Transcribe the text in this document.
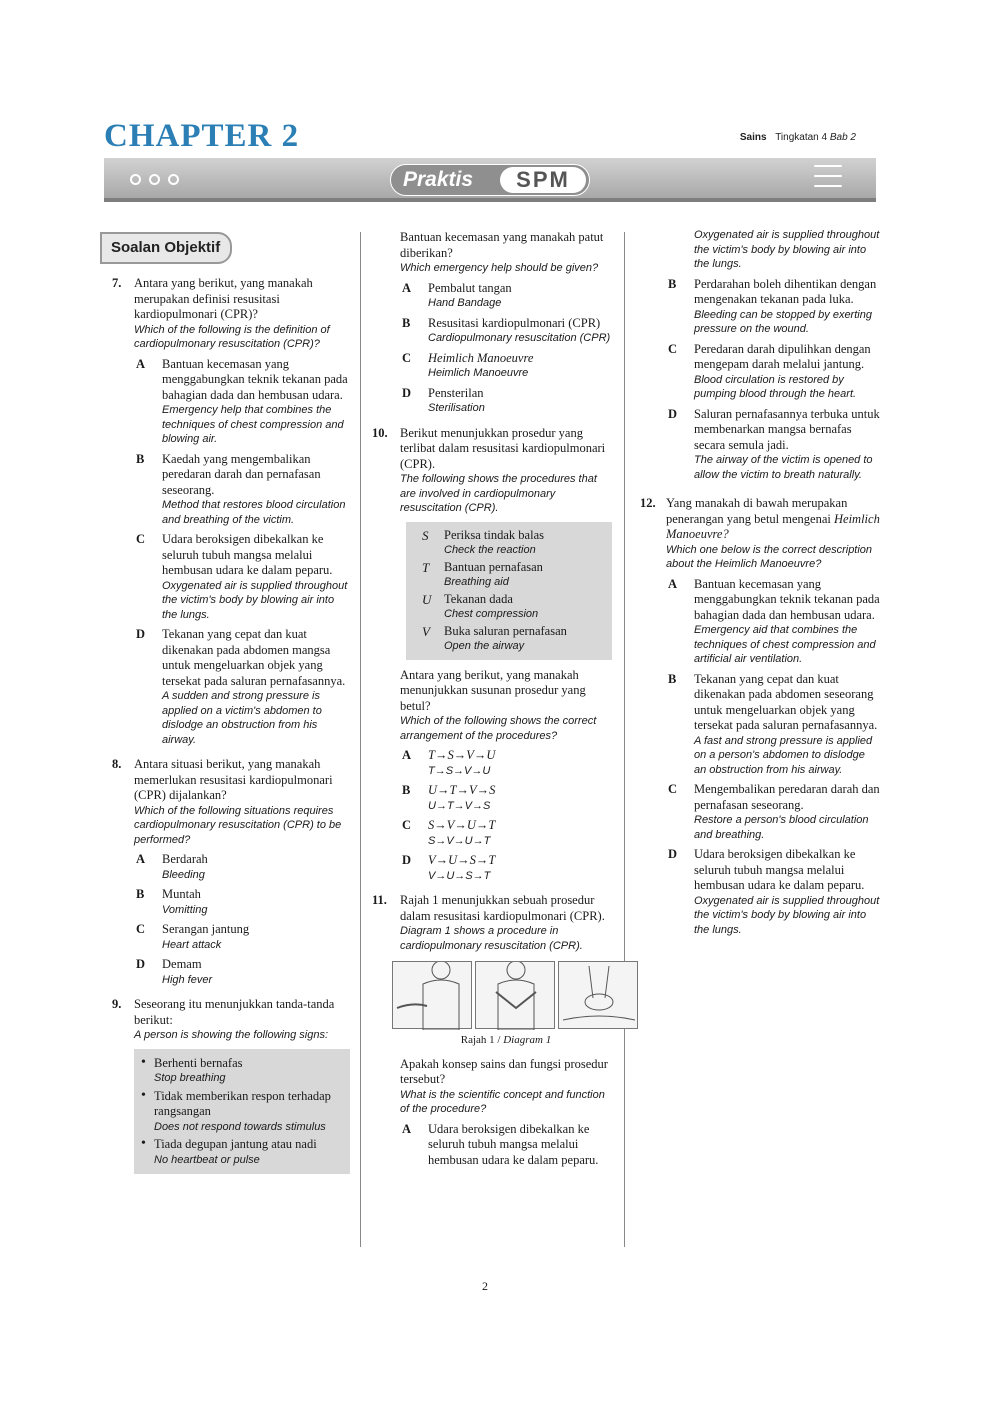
CHAPTER 2	Sains Tingkatan 4 Bab 2
Praktis	SPM
Soalan Objektif
7. Antara yang berikut, yang manakah merupakan definisi resusitasi kardiopulmonari (CPR)?
Which of the following is the definition of cardiopulmonary resuscitation (CPR)?
A Bantuan kecemasan yang menggabungkan teknik tekanan pada bahagian dada dan hembusan udara.
Emergency help that combines the techniques of chest compression and blowing air.
B Kaedah yang mengembalikan peredaran darah dan pernafasan seseorang.
Method that restores blood circulation and breathing of the victim.
C Udara beroksigen dibekalkan ke seluruh tubuh mangsa melalui hembusan udara ke dalam peparu.
Oxygenated air is supplied throughout the victim's body by blowing air into the lungs.
D Tekanan yang cepat dan kuat dikenakan pada abdomen mangsa untuk mengeluarkan objek yang tersekat pada saluran pernafasannya.
A sudden and strong pressure is applied on a victim's abdomen to dislodge an obstruction from his airway.
8. Antara situasi berikut, yang manakah memerlukan resusitasi kardiopulmonari (CPR) dijalankan?
Which of the following situations requires cardiopulmonary resuscitation (CPR) to be performed?
A Berdarah
Bleeding
B Muntah
Vomitting
C Serangan jantung
Heart attack
D Demam
High fever
9. Seseorang itu menunjukkan tanda-tanda berikut:
A person is showing the following signs:
• Berhenti bernafas
Stop breathing
• Tidak memberikan respon terhadap rangsangan
Does not respond towards stimulus
• Tiada degupan jantung atau nadi
No heartbeat or pulse
Bantuan kecemasan yang manakah patut diberikan?
Which emergency help should be given?
A Pembalut tangan
Hand Bandage
B Resusitasi kardiopulmonari (CPR)
Cardiopulmonary resuscitation (CPR)
C Heimlich Manoeuvre
Heimlich Manoeuvre
D Pensterilan
Sterilisation
10. Berikut menunjukkan prosedur yang terlibat dalam resusitasi kardiopulmonari (CPR).
The following shows the procedures that are involved in cardiopulmonary resuscitation (CPR).
S Periksa tindak balas
Check the reaction
T Bantuan pernafasan
Breathing aid
U Tekanan dada
Chest compression
V Buka saluran pernafasan
Open the airway
Antara yang berikut, yang manakah menunjukkan susunan prosedur yang betul?
Which of the following shows the correct arrangement of the procedures?
A T→S→V→U
T→S→V→U
B U→T→V→S
U→T→V→S
C S→V→U→T
S→V→U→T
D V→U→S→T
V→U→S→T
11. Rajah 1 menunjukkan sebuah prosedur dalam resusitasi kardiopulmonari (CPR).
Diagram 1 shows a procedure in cardiopulmonary resuscitation (CPR).
Rajah 1 / Diagram 1
Apakah konsep sains dan fungsi prosedur tersebut?
What is the scientific concept and function of the procedure?
A Udara beroksigen dibekalkan ke seluruh tubuh mangsa melalui hembusan udara ke dalam peparu.
Oxygenated air is supplied throughout the victim's body by blowing air into the lungs.
B Perdarahan boleh dihentikan dengan mengenakan tekanan pada luka.
Bleeding can be stopped by exerting pressure on the wound.
C Peredaran darah dipulihkan dengan mengepam darah melalui jantung.
Blood circulation is restored by pumping blood through the heart.
D Saluran pernafasannya terbuka untuk membenarkan mangsa bernafas secara semula jadi.
The airway of the victim is opened to allow the victim to breath naturally.
12. Yang manakah di bawah merupakan penerangan yang betul mengenai Heimlich Manoeuvre?
Which one below is the correct description about the Heimlich Manoeuvre?
A Bantuan kecemasan yang menggabungkan teknik tekanan pada bahagian dada dan hembusan udara.
Emergency aid that combines the techniques of chest compression and artificial air ventilation.
B Tekanan yang cepat dan kuat dikenakan pada abdomen seseorang untuk mengeluarkan objek yang tersekat pada saluran pernafasannya.
A fast and strong pressure is applied on a person's abdomen to dislodge an obstruction from his airway.
C Mengembalikan peredaran darah dan pernafasan seseorang.
Restore a person's blood circulation and breathing.
D Udara beroksigen dibekalkan ke seluruh tubuh mangsa melalui hembusan udara ke dalam peparu.
Oxygenated air is supplied throughout the victim's body by blowing air into the lungs.
2
